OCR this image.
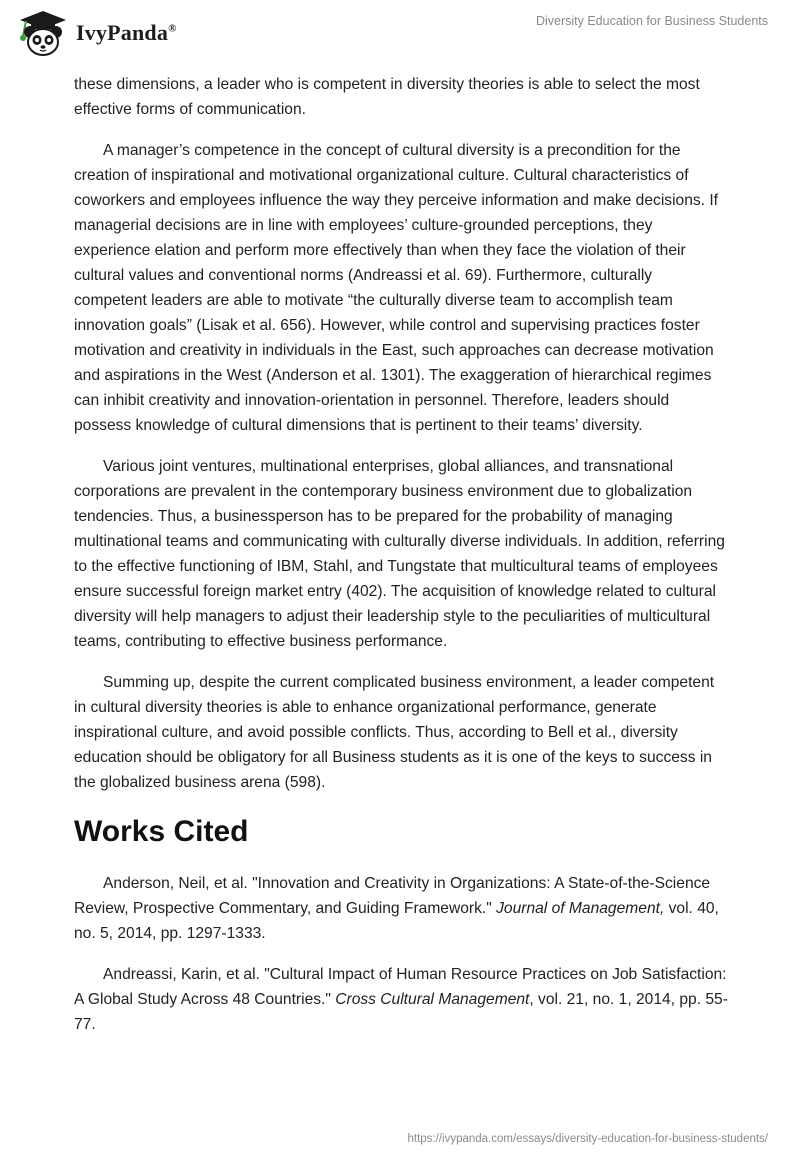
IvyPanda®
Diversity Education for Business Students

these dimensions, a leader who is competent in diversity theories is able to select the most effective forms of communication.

A manager’s competence in the concept of cultural diversity is a precondition for the creation of inspirational and motivational organizational culture. Cultural characteristics of coworkers and employees influence the way they perceive information and make decisions. If managerial decisions are in line with employees’ culture-grounded perceptions, they experience elation and perform more effectively than when they face the violation of their cultural values and conventional norms (Andreassi et al. 69). Furthermore, culturally competent leaders are able to motivate “the culturally diverse team to accomplish team innovation goals” (Lisak et al. 656). However, while control and supervising practices foster motivation and creativity in individuals in the East, such approaches can decrease motivation and aspirations in the West (Anderson et al. 1301). The exaggeration of hierarchical regimes can inhibit creativity and innovation-orientation in personnel. Therefore, leaders should possess knowledge of cultural dimensions that is pertinent to their teams’ diversity.

Various joint ventures, multinational enterprises, global alliances, and transnational corporations are prevalent in the contemporary business environment due to globalization tendencies. Thus, a businessperson has to be prepared for the probability of managing multinational teams and communicating with culturally diverse individuals. In addition, referring to the effective functioning of IBM, Stahl, and Tungstate that multicultural teams of employees ensure successful foreign market entry (402). The acquisition of knowledge related to cultural diversity will help managers to adjust their leadership style to the peculiarities of multicultural teams, contributing to effective business performance.

Summing up, despite the current complicated business environment, a leader competent in cultural diversity theories is able to enhance organizational performance, generate inspirational culture, and avoid possible conflicts. Thus, according to Bell et al., diversity education should be obligatory for all Business students as it is one of the keys to success in the globalized business arena (598).

Works Cited

Anderson, Neil, et al. "Innovation and Creativity in Organizations: A State-of-the-Science Review, Prospective Commentary, and Guiding Framework." Journal of Management, vol. 40, no. 5, 2014, pp. 1297-1333.

Andreassi, Karin, et al. "Cultural Impact of Human Resource Practices on Job Satisfaction: A Global Study Across 48 Countries." Cross Cultural Management, vol. 21, no. 1, 2014, pp. 55-77.

https://ivypanda.com/essays/diversity-education-for-business-students/
